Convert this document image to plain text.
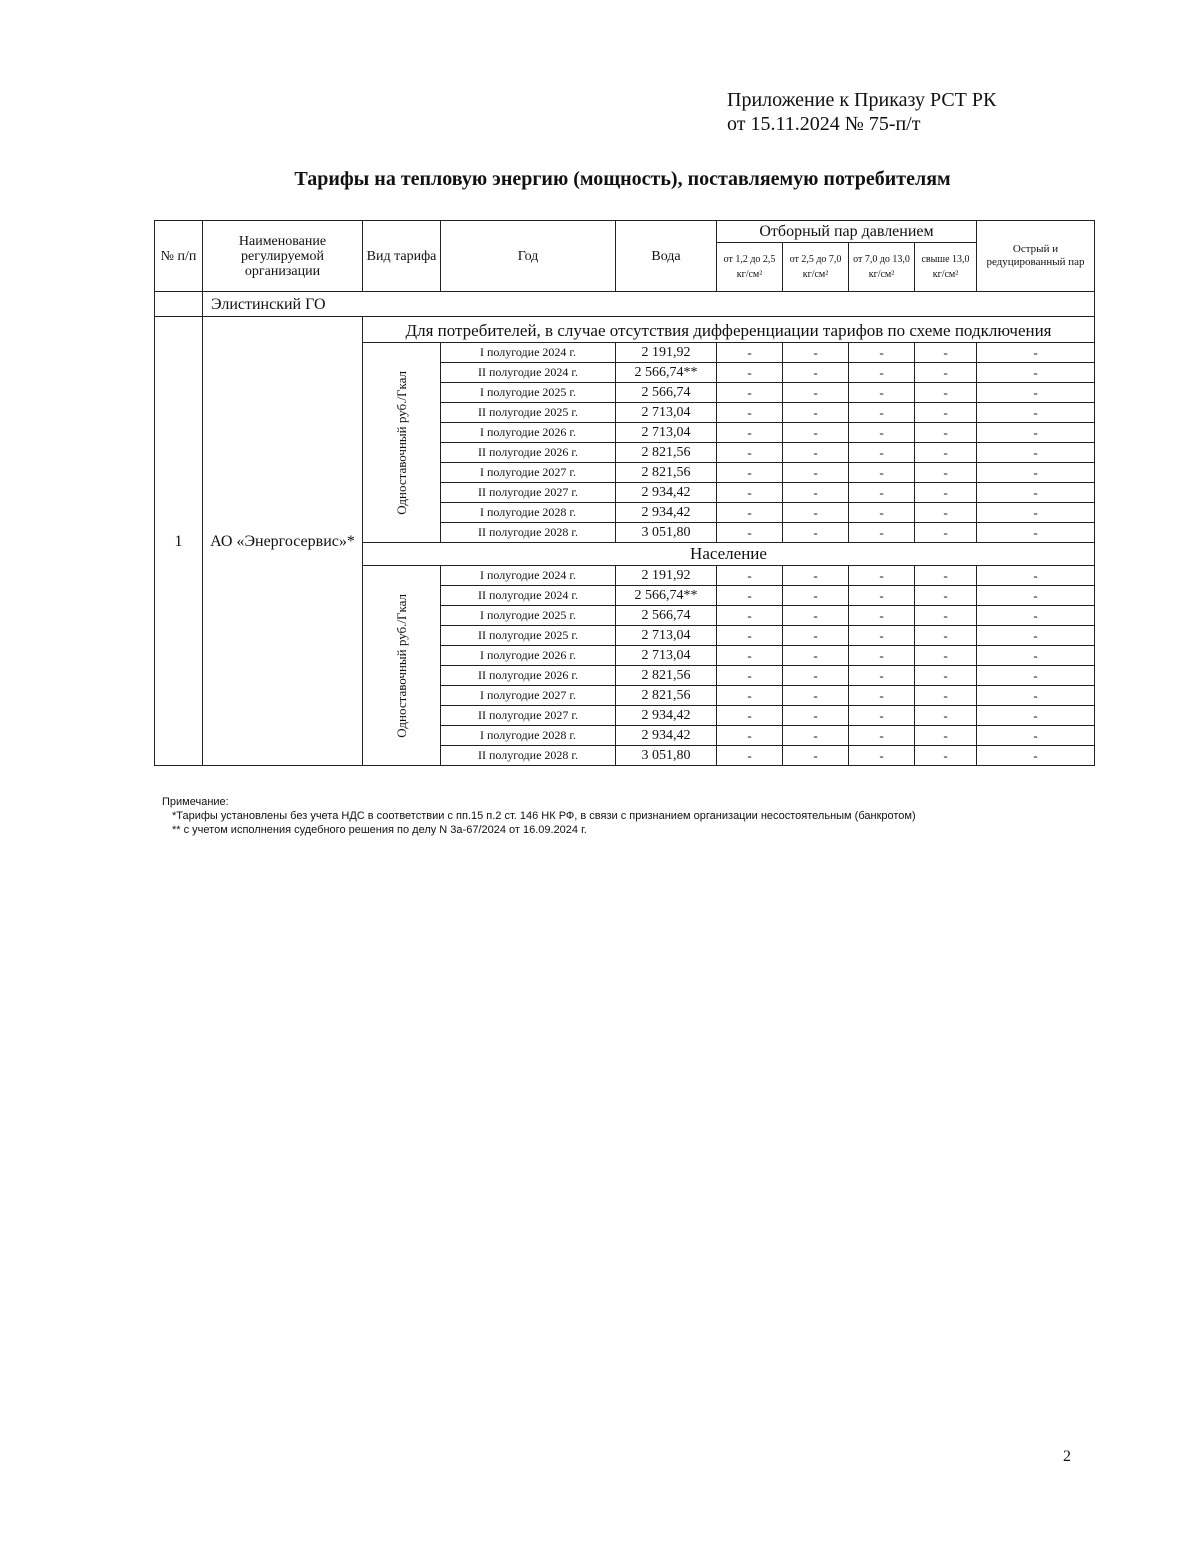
Приложение к Приказу РСТ РК
от 15.11.2024 № 75-п/т
Тарифы на тепловую энергию (мощность), поставляемую потребителям
№ п/п	Наименование регулируемой организации	Вид тарифа	Год	Вода	Отборный пар давлением				Острый и редуцированный пар
					от 1,2 до 2,5 кг/см²	от 2,5 до 7,0 кг/см²	от 7,0 до 13,0 кг/см²	свыше 13,0 кг/см²	
	Элистинский ГО								
1	АО «Энергосервис»*	Для потребителей, в случае отсутствия дифференциации тарифов по схеме подключения							

		Одноставочный руб./Гкал	I полугодие 2024 г.	2 191,92	-	-	-	-	-
			II полугодие 2024 г.	2 566,74**	-	-	-	-	-
			I полугодие 2025 г.	2 566,74	-	-	-	-	-
			II полугодие 2025 г.	2 713,04	-	-	-	-	-
			I полугодие 2026 г.	2 713,04	-	-	-	-	-
			II полугодие 2026 г.	2 821,56	-	-	-	-	-
			I полугодие 2027 г.	2 821,56	-	-	-	-	-
			II полугодие 2027 г.	2 934,42	-	-	-	-	-
			I полугодие 2028 г.	2 934,42	-	-	-	-	-
			II полугодие 2028 г.	3 051,80	-	-	-	-	-
		Население							

		Одноставочный руб./Гкал	I полугодие 2024 г.	2 191,92	-	-	-	-	-
			II полугодие 2024 г.	2 566,74**	-	-	-	-	-
			I полугодие 2025 г.	2 566,74	-	-	-	-	-
			II полугодие 2025 г.	2 713,04	-	-	-	-	-
			I полугодие 2026 г.	2 713,04	-	-	-	-	-
			II полугодие 2026 г.	2 821,56	-	-	-	-	-
			I полугодие 2027 г.	2 821,56	-	-	-	-	-
			II полугодие 2027 г.	2 934,42	-	-	-	-	-
			I полугодие 2028 г.	2 934,42	-	-	-	-	-
			II полугодие 2028 г.	3 051,80	-	-	-	-	-
Примечание:
*Тарифы установлены без учета НДС в соответствии с пп.15 п.2 ст. 146 НК РФ, в связи с признанием организации несостоятельным (банкротом)
** с учетом исполнения судебного решения по делу N 3а-67/2024 от 16.09.2024 г.
2
